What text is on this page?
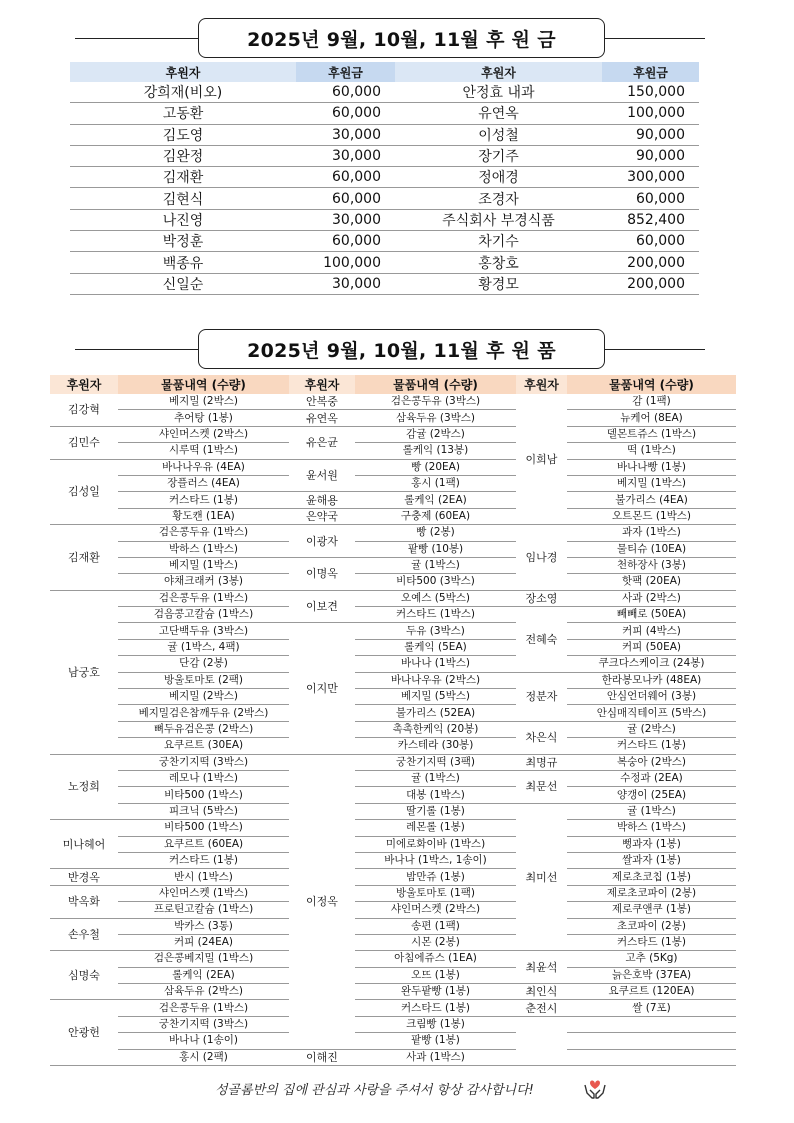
2025년 9월, 10월, 11월 후 원 금
후원자	후원금	후원자	후원금
강희재(비오)	60,000	안정효 내과	150,000
고동환	60,000	유연옥	100,000
김도영	30,000	이성철	90,000
김완정	30,000	장기주	90,000
김재환	60,000	정애경	300,000
김현식	60,000	조경자	60,000
나진영	30,000	주식회사 부경식품	852,400
박정훈	60,000	차기수	60,000
백종유	100,000	홍창호	200,000
신일순	30,000	황경모	200,000
2025년 9월, 10월, 11월 후 원 품
후원자	물품내역 (수량)	후원자	물품내역 (수량)	후원자	물품내역 (수량)
김강혁	베지밀 (2박스)	안복중	검은콩두유 (3박스)	이희남	감 (1팩)
	추어탕 (1봉)	유연옥	삼육두유 (3박스)		뉴케어 (8EA)
김민수	샤인머스켓 (2박스)	유은균	감귤 (2박스)		델몬트쥬스 (1박스)
	시루떡 (1박스)		롤케익 (13봉)		떡 (1박스)
김성일	바나나우유 (4EA)	윤서원	빵 (20EA)		바나나빵 (1봉)
	장플러스 (4EA)		홍시 (1팩)		베지밀 (1박스)
	커스타드 (1봉)	윤해용	롤케익 (2EA)		불가리스 (4EA)
	황도캔 (1EA)	은약국	구충제 (60EA)		오트몬드 (1박스)
김재환	검은콩두유 (1박스)	이광자	빵 (2봉)	임나경	과자 (1박스)
	박하스 (1박스)		팥빵 (10봉)		물티슈 (10EA)
	베지밀 (1박스)	이명옥	귤 (1박스)		천하장사 (3봉)
	야채크래커 (3봉)		비타500 (3박스)		핫팩 (20EA)
남궁호	검은콩두유 (1박스)	이보견	오예스 (5박스)	장소영	사과 (2박스)
	검음콩고칼슘 (1박스)		커스타드 (1박스)	전혜숙	빼빼로 (50EA)
	고단백두유 (3박스)	이지만	두유 (3박스)		커피 (4박스)
	귤 (1박스, 4팩)		롤케익 (5EA)		커피 (50EA)
	단감 (2봉)		바나나 (1박스)		쿠크다스케이크 (24봉)
	방울토마토 (2팩)		바나나우유 (2박스)	정분자	한라봉모나카 (48EA)
	베지밀 (2박스)		베지밀 (5박스)		안심언더웨어 (3봉)
	베지밀검은참깨두유 (2박스)		불가리스 (52EA)		안심매직테이프 (5박스)
	뼈두유검은콩 (2박스)		촉촉한케익 (20봉)	차은식	귤 (2박스)
	요쿠르트 (30EA)		카스테라 (30봉)		커스타드 (1봉)
노정희	궁찬기지떡 (3박스)	이정옥	궁찬기지떡 (3팩)	최명규	복숭아 (2박스)
	레모나 (1박스)		귤 (1박스)	최문선	수정과 (2EA)
	비타500 (1박스)		대봉 (1박스)		양갱이 (25EA)
	피크닉 (5박스)		딸기롤 (1봉)	최미선	귤 (1박스)
미나헤어	비타500 (1박스)		레몬롤 (1봉)		박하스 (1박스)
	요쿠르트 (60EA)		미에로화이바 (1박스)		뻥과자 (1봉)
	커스타드 (1봉)		바나나 (1박스, 1송이)		쌀과자 (1봉)
반경옥	반시 (1박스)		밤만쥬 (1봉)		제로초코칩 (1봉)
박옥화	샤인머스켓 (1박스)		방울토마토 (1팩)		제로초코파이 (2봉)
	프로틴고칼슘 (1박스)		샤인머스켓 (2박스)		제로쿠앤쿠 (1봉)
손우철	박카스 (3통)		송편 (1팩)		초코파이 (2봉)
	커피 (24EA)		시몬 (2봉)		커스타드 (1봉)
심명숙	검은콩베지밀 (1박스)		아침에쥬스 (1EA)	최윤석	고추 (5Kg)
	롤케익 (2EA)		오뜨 (1봉)		늙은호박 (37EA)
	삼육두유 (2박스)		완두팥빵 (1봉)	최인식	요쿠르트 (120EA)
안광헌	검은콩두유 (1박스)		커스타드 (1봉)	춘전시	쌀 (7포)
	궁찬기지떡 (3박스)		크림빵 (1봉)		
	바나나 (1송이)		팥빵 (1봉)		
	홍시 (2팩)	이해진	사과 (1박스)		
성골롬반의 집에 관심과 사랑을 주셔서 항상 감사합니다!
